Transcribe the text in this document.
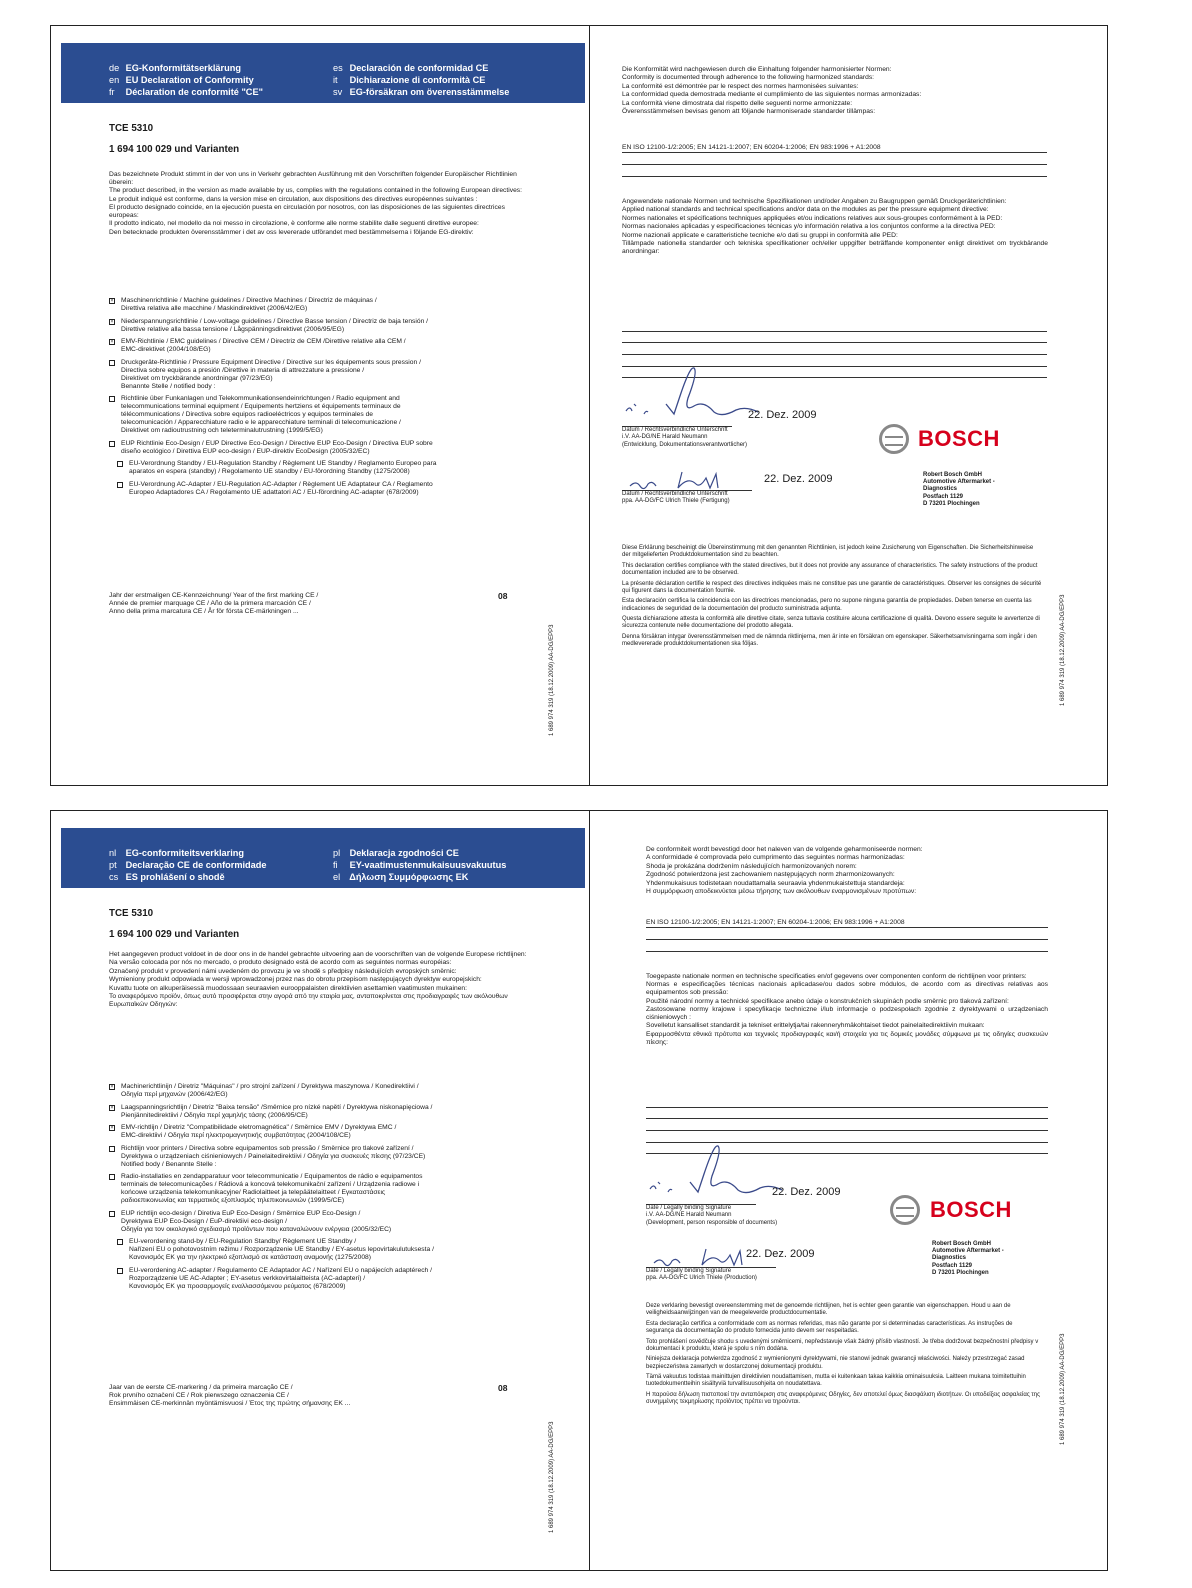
de EG-Konformitätserklärung
en EU Declaration of Conformity
fr Déclaration de conformité "CE"
es Declaración de conformidad CE
it Dichiarazione di conformità CE
sv EG-försäkran om överensstämmelse
TCE 5310
1 694 100 029 und Varianten

Das bezeichnete Produkt stimmt in der von uns in Verkehr gebrachten Ausführung mit den Vorschriften folgender Europäischer Richtlinien überein:

The product described, in the version as made available by us, complies with the regulations contained in the following European directives:

Le produit indiqué est conforme, dans la version mise en circulation, aux dispositions des directives européennes suivantes :

El producto designado coincide, en la ejecución puesta en circulación por nosotros, con las disposiciones de las siguientes directrices europeas:

Il prodotto indicato, nel modello da noi messo in circolazione, è conforme alle norme stabilite dalle seguenti direttive europee:

Den betecknade produkten överensstämmer i det av oss levererade utförandet med bestämmelserna i följande EG-direktiv:

× Maschinenrichtlinie / Machine guidelines / Directive Machines / Directriz de máquinas /
Direttiva relativa alle macchine / Maskindirektivet (2006/42/EG)
× Niederspannungsrichtlinie / Low-voltage guidelines / Directive Basse tension / Directriz de baja tensión /
Direttive relative alla bassa tensione / Lågspänningsdirektivet (2006/95/EG)
× EMV-Richtlinie / EMC guidelines / Directive CEM / Directriz de CEM /Direttive relative alla CEM /
EMC-direktivet (2004/108/EG)
Druckgeräte-Richtlinie / Pressure Equipment Directive / Directive sur les équipements sous pression /
Directiva sobre equipos a presión /Direttive in materia di attrezzature a pressione /
Direktivet om tryckbärande anordningar (97/23/EG)
Benannte Stelle / notified body :
Richtlinie über Funkanlagen und Telekommunikationsendeinrichtungen / Radio equipment and
telecommunications terminal equipment / Equipements hertziens et équipements terminaux de
télécommunications / Directiva sobre equipos radioeléctricos y equipos terminales de
telecomunicación / Apparecchiature radio e le apparecchiature terminali di telecomunicazione /
Direktivet om radioutrustning och teleterminalutrustning (1999/5/EG)
EUP Richtlinie Eco-Design / EUP Directive Eco-Design / Directive EUP Eco-Design / Directiva EUP sobre
diseño ecológico / Direttiva EUP eco-design / EUP-direktiv EcoDesign (2005/32/EC)
EU-Verordnung Standby / EU-Regulation Standby / Règlement UE Standby / Reglamento Europeo para
aparatos en espera (standby) / Regolamento UE standby / EU-förordning Standby (1275/2008)
EU-Verordnung AC-Adapter / EU-Regulation AC-Adapter / Règlement UE Adaptateur CA / Reglamento
Europeo Adaptadores CA / Regolamento UE adattatori AC / EU-förordning AC-adapter (678/2009)
Jahr der erstmaligen CE-Kennzeichnung/ Year of the first marking CE /
Année de premier marquage CE / Año de la primera marcación CE /
Anno della prima marcatura CE / År för första CE-märkningen ...
08
1 689 974 319 (18.12.2009) AA-DG/EPP3
Die Konformität wird nachgewiesen durch die Einhaltung folgender harmonisierter Normen:
Conformity is documented through adherence to the following harmonized standards:
La conformité est démontrée par le respect des normes harmonisées suivantes:
La conformidad queda demostrada mediante el cumplimiento de las siguientes normas armonizadas:
La conformità viene dimostrata dal rispetto delle seguenti norme armonizzate:
Överensstämmelsen bevisas genom att följande harmoniserade standarder tillämpas:
EN ISO 12100-1/2:2005; EN 14121-1:2007; EN 60204-1:2006; EN 983:1996 + A1:2008

Angewendete nationale Normen und technische Spezifikationen und/oder Angaben zu Baugruppen gemäß Druckgeräterichtlinien:

Applied national standards and technical specifications and/or data on the modules as per the pressure equipment directive:

Normes nationales et spécifications techniques appliquées et/ou indications relatives aux sous-groupes conformément à la PED:

Normas nacionales aplicadas y especificaciones técnicas y/o información relativa a los conjuntos conforme a la directiva PED:

Norme nazionali applicate e caratteristiche tecniche e/o dati su gruppi in conformità alle PED:

Tillämpade nationella standarder och tekniska specifikationer och/eller uppgifter beträffande komponenter enligt direktivet om tryckbärande anordningar:

22. Dez. 2009
Datum / Rechtsverbindliche Unterschrift
i.V. AA-DG/NE Harald Neumann
(Entwicklung, Dokumentationsverantwortlicher)
22. Dez. 2009
Datum / Rechtsverbindliche Unterschrift
ppa. AA-DG/FC Ulrich Thiele (Fertigung)
BOSCH
Robert Bosch GmbH
Automotive Aftermarket -
Diagnostics
Postfach 1129
D 73201 Plochingen

Diese Erklärung bescheinigt die Übereinstimmung mit den genannten Richtlinien, ist jedoch keine Zusicherung von Eigenschaften. Die Sicherheitshinweise der mitgelieferten Produktdokumentation sind zu beachten.

This declaration certifies compliance with the stated directives, but it does not provide any assurance of characteristics. The safety instructions of the product documentation included are to be observed.

La présente déclaration certifie le respect des directives indiquées mais ne constitue pas une garantie de caractéristiques. Observer les consignes de sécurité qui figurent dans la documentation fournie.

Esta declaración certifica la coincidencia con las directrices mencionadas, pero no supone ninguna garantía de propiedades. Deben tenerse en cuenta las indicaciones de seguridad de la documentación del producto suministrada adjunta.

Questa dichiarazione attesta la conformità alle direttive citate, senza tuttavia costituire alcuna certificazione di qualità. Devono essere seguite le avvertenze di sicurezza contenute nelle documentazione del prodotto allegata.

Denna försäkran intygar överensstämmelsen med de nämnda riktlinjerna, men är inte en försäkran om egenskaper. Säkerhetsanvisningarna som ingår i den medlevererade produktdokumentationen ska följas.	1 689 974 319 (18.12.2009) AA-DG/EPP3
nl EG-conformiteitsverklaring
pt Declaração CE de conformidade
cs ES prohlášení o shodě
pl Deklaracja zgodności CE
fi EY-vaatimustenmukaisuusvakuutus
el Δήλωση Συμμόρφωσης ΕΚ
TCE 5310
1 694 100 029 und Varianten

Het aangegeven product voldoet in de door ons in de handel gebrachte uitvoering aan de voorschriften van de volgende Europese richtlijnen:

Na versão colocada por nós no mercado, o produto designado está de acordo com as seguintes normas européias:

Označený produkt v provedení námi uvedeném do provozu je ve shodě s předpisy následujících evropských směrnic:

Wymieniony produkt odpowiada w wersji wprowadzonej przez nas do obrotu przepisom następujących dyrektyw europejskich:

Kuvattu tuote on alkuperäisessä muodossaan seuraavien eurooppalaisten direktiivien asettamien vaatimusten mukainen:

Το αναφερόμενο προϊόν, όπως αυτό προσφέρεται στην αγορά από την εταιρία μας, ανταποκρίνεται στις προδιαγραφές των ακόλουθων Ευρωπαϊκών Οδηγιών:

× Machinerichtlinijn / Diretriz "Máquinas" / pro strojní zařízení / Dyrektywa maszynowa / Konedirektiivi /
Οδηγία περί μηχανών (2006/42/EG)
× Laagspanningsrichtlijn / Diretriz "Baixa tensão" /Směrnice pro nízké napětí / Dyrektywa niskonapięciowa /
Pienjännitedirektiivi / Οδηγία περί χαμηλής τάσης (2006/95/CE)
× EMV-richtlijn / Diretriz "Compatibilidade eletromagnética" / Směrnice EMV / Dyrektywa EMC /
EMC-direktiivi / Οδηγία περί ηλεκτρομαγνητικής συμβατότητας (2004/108/CE)
Richtlijn voor printers / Directiva sobre equipamentos sob pressão / Směrnice pro tlakové zařízení /
Dyrektywa o urządzeniach ciśnieniowych / Painelaitedirektiivi / Οδηγία για συσκευές πίεσης (97/23/CE)
Notified body / Benannte Stelle :
Radio-installaties en zendapparatuur voor telecommunicatie / Equipamentos de rádio e equipamentos
terminais de telecomunicações / Rádiová a koncová telekomunikační zařízení / Urządzenia radiowe i
końcowe urządzenia telekomunikacyjne/ Radiolaitteet ja telepäätelaitteet / Εγκαταστάσεις
ραδιοεπικοινωνίας και τερματικός εξοπλισμός τηλεπικοινωνιών (1999/5/CE)
EUP richtlijn eco-design / Diretiva EuP Eco-Design / Směrnice EUP Eco-Design /
Dyrektywa EUP Eco-Design / EuP-direktiivi eco-design /
Οδηγία για τον οικολογικό σχεδιασμό προϊόντων που καταναλώνουν ενέργεια (2005/32/EC)
EU-verordening stand-by / EU-Regulation Standby/ Règlement UE Standby /
Nařízení EU o pohotovostním režimu / Rozporządzenie UE Standby / EY-asetus lepovirtakulutuksesta /
Κανονισμός ΕΚ για την ηλεκτρικό εξοπλισμό σε κατάσταση αναμονής (1275/2008)
EU-verordening AC-adapter / Regulamento CE Adaptador AC / Nařízení EU o napájecích adaptérech /
Rozporządzenie UE AC-Adapter ; EY-asetus verkkovirtalaitteista (AC-adapteri) /
Κανονισμός ΕΚ για προσαρμογείς εναλλασσόμενου ρεύματος (678/2009)
Jaar van de eerste CE-markering / da primeira marcação CE /
Rok prvního označení CE / Rok pierwszego oznaczenia CE /
Ensimmäisen CE-merkinnän myöntämisvuosi / Έτος της πρώτης σήμανσης ΕΚ ...
08
1 689 974 319 (18.12.2009) AA-DG/EPP3
De conformiteit wordt bevestigd door het naleven van de volgende geharmoniseerde normen:
A conformidade é comprovada pelo cumprimento das seguintes normas harmonizadas:
Shoda je prokázána dodržením následujících harmonizovaných norem:
Zgodność potwierdzona jest zachowaniem następujących norm zharmonizowanych:
Yhdenmukaisuus todistetaan noudattamalla seuraavia yhdenmukaistettuja standardeja:
Η συμμόρφωση αποδεικνύεται μέσω τήρησης των ακόλουθων εναρμονισμένων προτύπων:
EN ISO 12100-1/2:2005; EN 14121-1:2007; EN 60204-1:2006; EN 983:1996 + A1:2008

Toegepaste nationale normen en technische specificaties en/of gegevens over componenten conform de richtlijnen voor printers:

Normas e especificações técnicas nacionais aplicadase/ou dados sobre módulos, de acordo com as directivas relativas aos equipamentos sob pressão:

Použité národní normy a technické specifikace anebo údaje o konstrukčních skupinách podle směrnic pro tlaková zařízení:

Zastosowane normy krajowe i specyfikacje techniczne i/lub informacje o podzespołach zgodnie z dyrektywami o urządzeniach ciśnieniowych :

Sovelletut kansalliset standardit ja tekniset erittelytja/tai rakenneryhmäkohtaiset tiedot painelaitedirektiivin mukaan:

Εφαρμοσθέντα εθνικά πρότυπα και τεχνικές προδιαγραφές και/ή στοιχεία για τις δομικές μονάδες σύμφωνα με τις οδηγίες συσκευών πίεσης:

22. Dez. 2009
Date / Legally binding Signature
i.V. AA-DG/NE Harald Neumann
(Development, person responsible of documents)
22. Dez. 2009
Date / Legally binding Signature
ppa. AA-DG/FC Ulrich Thiele (Production)
BOSCH
Robert Bosch GmbH
Automotive Aftermarket -
Diagnostics
Postfach 1129
D 73201 Plochingen

Deze verklaring bevestigt overeenstemming met de genoemde richtlijnen, het is echter geen garantie van eigenschappen. Houd u aan de veiligheidsaanwijzingen van de meegeleverde productdocumentatie.

Esta declaração certifica a conformidade com as normas referidas, mas não garante por si determinadas características. As instruções de segurança da documentação do produto fornecida junto devem ser respeitadas.

Toto prohlášení osvědčuje shodu s uvedenými směrnicemi, nepředstavuje však žádný příslib vlastností. Je třeba dodržovat bezpečnostní předpisy v dokumentaci k produktu, která je spolu s ním dodána.

Niniejsza deklaracja potwierdza zgodność z wymienionymi dyrektywami, nie stanowi jednak gwarancji właściwości. Należy przestrzegać zasad bezpieczeństwa zawartych w dostarczonej dokumentacji produktu.

Tämä vakuutus todistaa mainittujen direktiivien noudattamisen, mutta ei kuitenkaan takaa kaikkia ominaisuuksia. Laitteen mukana toimitettuihin tuotedokumentteihin sisältyviä turvallisuusohjeita on noudatettava.

Η παρούσα δήλωση πιστοποιεί την ανταπόκριση στις αναφερόμενες Οδηγίες, δεν αποτελεί όμως διασφάλιση ιδιοτήτων. Οι υποδείξεις ασφαλείας της συνημμένης τεκμηρίωσης προϊόντος πρέπει να τηρούνται.	1 689 974 319 (18.12.2009) AA-DG/EPP3
